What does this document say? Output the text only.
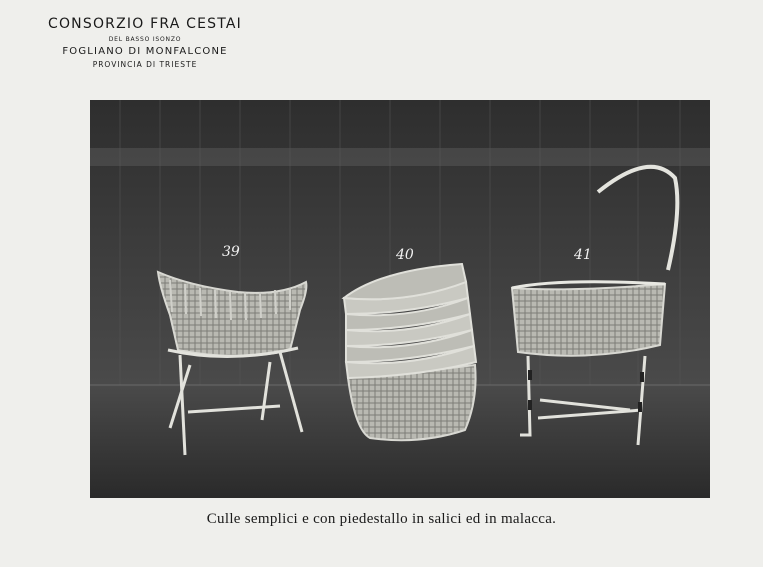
CONSORZIO FRA CESTAI
DEL BASSO ISONZO
FOGLIANO DI MONFALCONE
PROVINCIA DI TRIESTE
39	40	41
Culle semplici e con piedestallo in salici ed in malacca.
